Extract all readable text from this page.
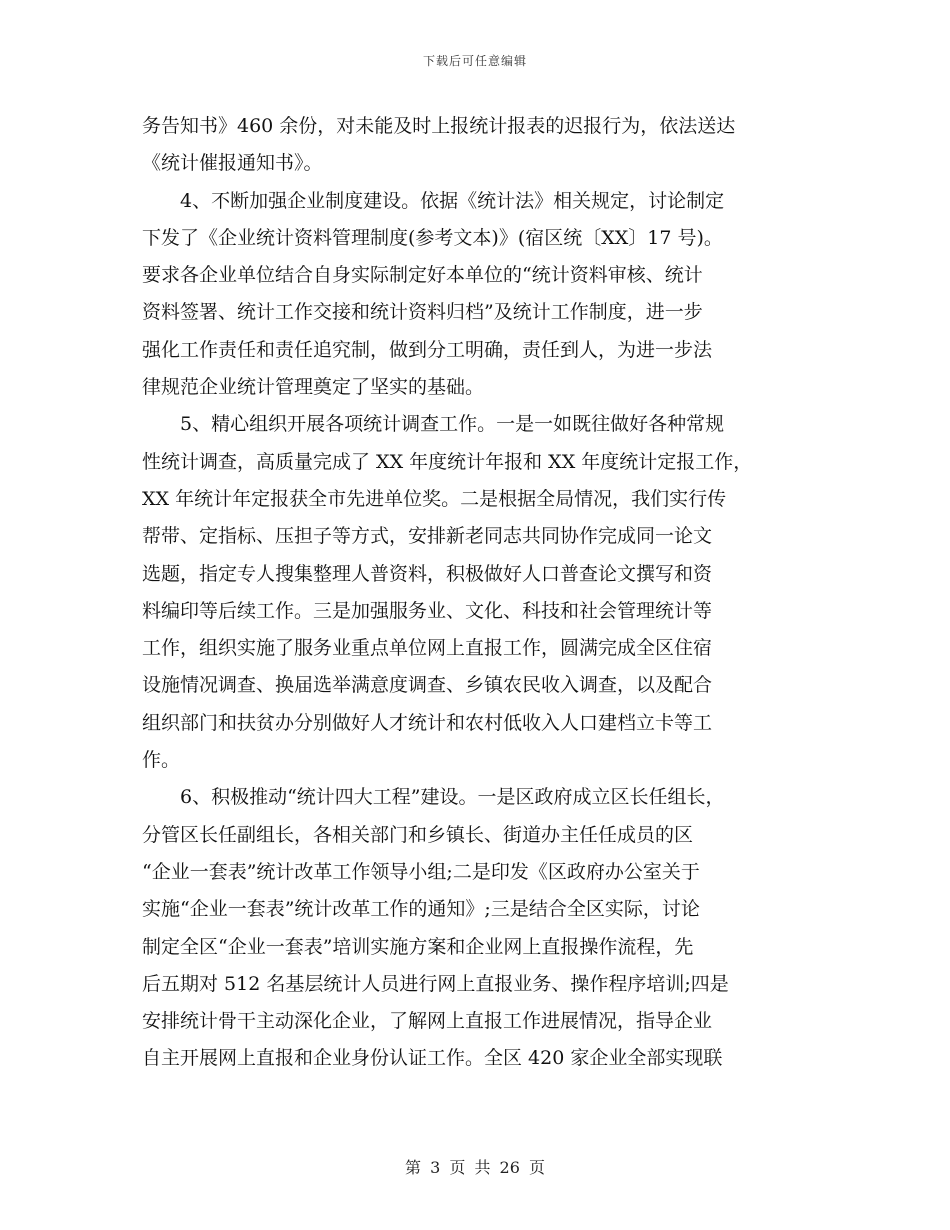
下载后可任意编辑
务告知书》460 余份，对未能及时上报统计报表的迟报行为，依法送达
《统计催报通知书》。
4、不断加强企业制度建设。依据《统计法》相关规定，讨论制定
下发了《企业统计资料管理制度(参考文本)》(宿区统〔XX〕17 号)。
要求各企业单位结合自身实际制定好本单位的“统计资料审核、统计
资料签署、统计工作交接和统计资料归档”及统计工作制度，进一步
强化工作责任和责任追究制，做到分工明确，责任到人，为进一步法
律规范企业统计管理奠定了坚实的基础。
5、精心组织开展各项统计调查工作。一是一如既往做好各种常规
性统计调查，高质量完成了 XX 年度统计年报和 XX 年度统计定报工作，
XX 年统计年定报获全市先进单位奖。二是根据全局情况，我们实行传
帮带、定指标、压担子等方式，安排新老同志共同协作完成同一论文
选题，指定专人搜集整理人普资料，积极做好人口普查论文撰写和资
料编印等后续工作。三是加强服务业、文化、科技和社会管理统计等
工作，组织实施了服务业重点单位网上直报工作，圆满完成全区住宿
设施情况调查、换届选举满意度调查、乡镇农民收入调查，以及配合
组织部门和扶贫办分别做好人才统计和农村低收入人口建档立卡等工
作。
6、积极推动“统计四大工程”建设。一是区政府成立区长任组长，
分管区长任副组长，各相关部门和乡镇长、街道办主任任成员的区
“企业一套表”统计改革工作领导小组;二是印发《区政府办公室关于
实施“企业一套表”统计改革工作的通知》;三是结合全区实际，讨论
制定全区“企业一套表”培训实施方案和企业网上直报操作流程，先
后五期对 512 名基层统计人员进行网上直报业务、操作程序培训;四是
安排统计骨干主动深化企业，了解网上直报工作进展情况，指导企业
自主开展网上直报和企业身份认证工作。全区 420 家企业全部实现联
第 3 页 共 26 页
